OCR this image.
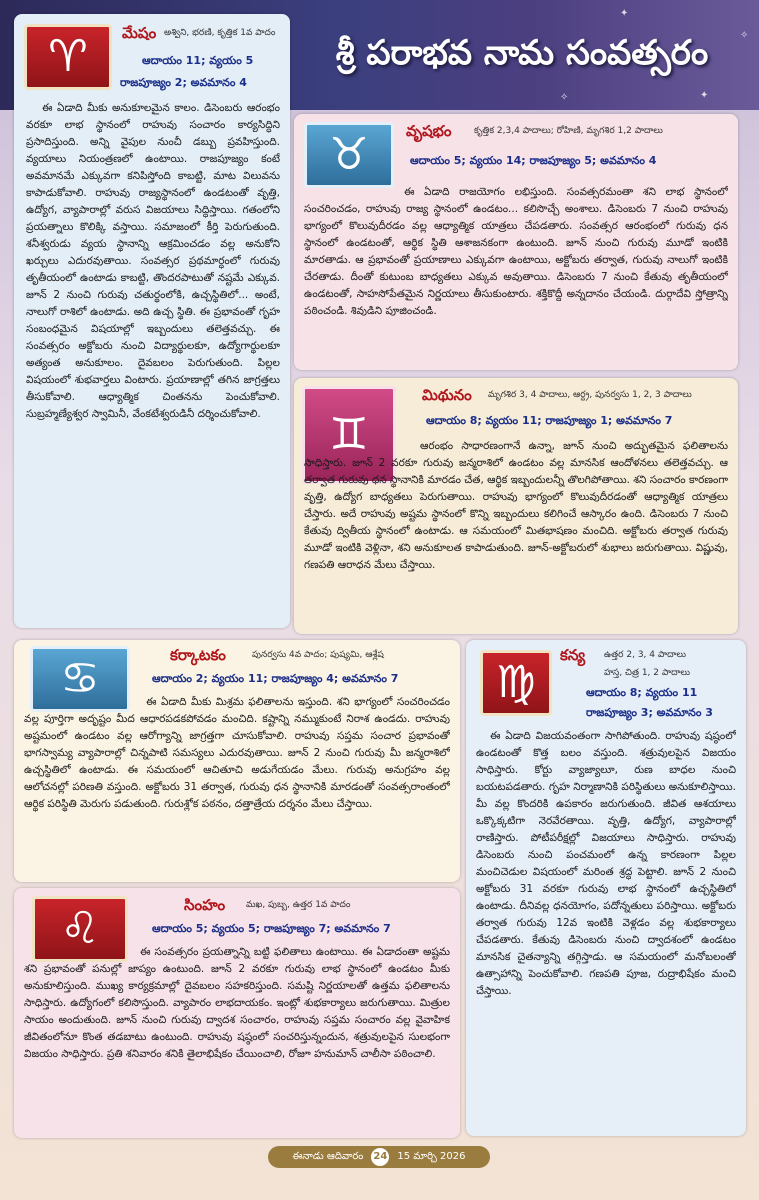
✦
✦
✧
✧
శ్రీ పరాభవ నామ సంవత్సరం
♈	మేషం అశ్విని, భరణి, కృత్తిక 1వ పాదం
ఆదాయం 11; వ్యయం 5
రాజపూజ్యం 2; అవమానం 4
ఈ ఏడాది మీకు అనుకూలమైన కాలం. డిసెంబరు ఆరంభం వరకూ లాభ స్థానంలో రాహువు సంచారం కార్యసిద్ధిని ప్రసాదిస్తుంది. అన్ని వైపుల నుంచీ డబ్బు ప్రవహిస్తుంది. వ్యయాలు నియంత్రణలో ఉంటాయి. రాజపూజ్యం కంటే అవమానమే ఎక్కువగా కనిపిస్తోంది కాబట్టి, మాట విలువను కాపాడుకోవాలి. రాహువు రాజ్యస్థానంలో ఉండటంతో వృత్తి, ఉద్యోగ, వ్యాపారాల్లో వరుస విజయాలు సిద్ధిస్తాయి. గతంలోని ప్రయత్నాలు కొలిక్కి వస్తాయి. సమాజంలో కీర్తి పెరుగుతుంది. శనీశ్వరుడు వ్యయ స్థానాన్ని ఆక్రమించడం వల్ల అనుకోని ఖర్చులు ఎదురవుతాయి. సంవత్సర ప్రథమార్ధంలో గురువు తృతీయంలో ఉంటాడు కాబట్టి, తొందరపాటుతో నష్టమే ఎక్కువ. జూన్ 2 నుంచి గురువు చతుర్థంలోకి, ఉచ్చస్థితిలో... అంటే, నాలుగో రాశిలో ఉంటాడు. అది ఉచ్చ స్థితి. ఈ ప్రభావంతో గృహ సంబంధమైన విషయాల్లో ఇబ్బందులు తలెత్తవచ్చు. ఈ సంవత్సరం అక్టోబరు నుంచి విద్యార్థులకూ, ఉద్యోగార్థులకూ అత్యంత అనుకూలం. దైవబలం పెరుగుతుంది. పిల్లల విషయంలో శుభవార్తలు వింటారు. ప్రయాణాల్లో తగిన జాగ్రత్తలు తీసుకోవాలి. ఆధ్యాత్మిక చింతనను పెంచుకోవాలి. సుబ్రహ్మణ్యేశ్వర స్వామినీ, వేంకటేశ్వరుడినీ దర్శించుకోవాలి.
♉	వృషభం కృత్తిక 2,3,4 పాదాలు; రోహిణి, మృగశిర 1,2 పాదాలు
ఆదాయం 5; వ్యయం 14; రాజపూజ్యం 5; అవమానం 4
ఈ ఏడాది రాజయోగం లభిస్తుంది. సంవత్సరమంతా శని లాభ స్థానంలో సంచరించడం, రాహువు రాజ్య స్థానంలో ఉండటం... కలిసొచ్చే అంశాలు. డిసెంబరు 7 నుంచి రాహువు భాగ్యంలో కొలువుదీరడం వల్ల ఆధ్యాత్మిక యాత్రలు చేపడతారు. సంవత్సర ఆరంభంలో గురువు ధన స్థానంలో ఉండటంతో, ఆర్థిక స్థితి ఆశాజనకంగా ఉంటుంది. జూన్ నుంచి గురువు మూడో ఇంటికి మారతాడు. ఆ ప్రభావంతో ప్రయాణాలు ఎక్కువగా ఉంటాయి, అక్టోబరు తర్వాత, గురువు నాలుగో ఇంటికి చేరతాడు. దీంతో కుటుంబ బాధ్యతలు ఎక్కువ అవుతాయి. డిసెంబరు 7 నుంచి కేతువు తృతీయంలో ఉండటంతో, సాహసోపేతమైన నిర్ణయాలు తీసుకుంటారు. శక్తికొద్దీ అన్నదానం చేయండి. దుర్గాదేవి స్తోత్రాన్ని పఠించండి. శివుడిని పూజించండి.
♊
మిథునం మృగశిర 3, 4 పాదాలు, ఆర్ద్ర, పునర్వసు 1, 2, 3 పాదాలు
ఆదాయం 8; వ్యయం 11; రాజపూజ్యం 1; అవమానం 7
ఆరంభం సాధారణంగానే ఉన్నా, జూన్ నుంచి అద్భుతమైన ఫలితాలను సాధిస్తారు. జూన్ 2 వరకూ గురువు జన్మరాశిలో ఉండటం వల్ల మానసిక ఆందోళనలు తలెత్తవచ్చు. ఆ తర్వాత గురువు ధన స్థానానికి మారడం చేత, ఆర్థిక ఇబ్బందులన్నీ తొలగిపోతాయి. శని సంచారం కారణంగా వృత్తి, ఉద్యోగ బాధ్యతలు పెరుగుతాయి. రాహువు భాగ్యంలో కొలువుదీరడంతో ఆధ్యాత్మిక యాత్రలు చేస్తారు. అదే రాహువు అష్టమ స్థానంలో కొన్ని ఇబ్బందులు కలిగించే ఆస్కారం ఉంది. డిసెంబరు 7 నుంచి కేతువు ద్వితీయ స్థానంలో ఉంటాడు. ఆ సమయంలో మితభాషణం మంచిది. అక్టోబరు తర్వాత గురువు మూడో ఇంటికి వెళ్లినా, శని అనుకూలత కాపాడుతుంది. జూన్-అక్టోబరులో శుభాలు జరుగుతాయి. విష్ణువు, గణపతి ఆరాధన మేలు చేస్తాయి.
♋	కర్కాటకం	పునర్వసు 4వ పాదం; పుష్యమి, ఆశ్లేష
ఆదాయం 2; వ్యయం 11; రాజపూజ్యం 4; అవమానం 7
ఈ ఏడాది మీకు మిశ్రమ ఫలితాలను ఇస్తుంది. శని భాగ్యంలో సంచరించడం వల్ల పూర్తిగా అదృష్టం మీద ఆధారపడకపోవడం మంచిది. కష్టాన్ని నమ్ముకుంటే నిరాశ ఉండదు. రాహువు అష్టమంలో ఉండటం వల్ల ఆరోగ్యాన్ని జాగ్రత్తగా చూసుకోవాలి. రాహువు సప్తమ సంచార ప్రభావంతో భాగస్వామ్య వ్యాపారాల్లో చిన్నపాటి సమస్యలు ఎదురవుతాయి. జూన్ 2 నుంచి గురువు మీ జన్మరాశిలో ఉచ్చస్థితిలో ఉంటాడు. ఈ సమయంలో ఆచితూచి అడుగేయడం మేలు. గురువు అనుగ్రహం వల్ల ఆలోచనల్లో పరిణతి వస్తుంది. అక్టోబరు 31 తర్వాత, గురువు ధన స్థానానికి మారడంతో సంవత్సరాంతంలో ఆర్థిక పరిస్థితి మెరుగు పడుతుంది. గురుశ్లోక పఠనం, దత్తాత్రేయ దర్శనం మేలు చేస్తాయి.
♍
కన్య ఉత్తర 2, 3, 4 పాదాలు
హస్త, చిత్ర 1, 2 పాదాలు
ఆదాయం 8; వ్యయం 11
రాజపూజ్యం 3; అవమానం 3
ఈ ఏడాది విజయవంతంగా సాగిపోతుంది. రాహువు షష్ఠంలో ఉండటంతో కొత్త బలం వస్తుంది. శత్రువులపైన విజయం సాధిస్తారు. కోర్టు వ్యాజ్యాలూ, రుణ బాధల నుంచి బయటపడతారు. గృహ నిర్మాణానికి పరిస్థితులు అనుకూలిస్తాయి. మీ వల్ల కొందరికి ఉపకారం జరుగుతుంది. జీవిత ఆశయాలు ఒక్కొక్కటిగా నెరవేరతాయి. వృత్తి, ఉద్యోగ, వ్యాపారాల్లో రాణిస్తారు. పోటీపరీక్షల్లో విజయాలు సాధిస్తారు. రాహువు డిసెంబరు నుంచి పంచమంలో ఉన్న కారణంగా పిల్లల మంచిచెడుల విషయంలో మరింత శ్రద్ధ పెట్టాలి. జూన్ 2 నుంచి అక్టోబరు 31 వరకూ గురువు లాభ స్థానంలో ఉచ్చస్థితిలో ఉంటాడు. దీనివల్ల ధనయోగం, పదోన్నతులు పరిస్తాయి. అక్టోబరు తర్వాత గురువు 12వ ఇంటికి వెళ్లడం వల్ల శుభకార్యాలు చేపడతారు. కేతువు డిసెంబరు నుంచి ద్వాదశంలో ఉండటం మానసిక చైతన్యాన్ని తగ్గిస్తాడు. ఆ సమయంలో మనోబలంతో ఉత్సాహాన్ని పెంచుకోవాలి. గణపతి పూజ, రుద్రాభిషేకం మంచి చేస్తాయి.
♌	సింహం మఖ, పుబ్బ, ఉత్తర 1వ పాదం
ఆదాయం 5; వ్యయం 5; రాజపూజ్యం 7; అవమానం 7
ఈ సంవత్సరం ప్రయత్నాన్ని బట్టి ఫలితాలు ఉంటాయి. ఈ ఏడాదంతా అష్టమ శని ప్రభావంతో పనుల్లో జాప్యం ఉంటుంది. జూన్ 2 వరకూ గురువు లాభ స్థానంలో ఉండటం మీకు అనుకూలిస్తుంది. ముఖ్య కార్యక్రమాల్లో దైవబలం సహకరిస్తుంది. సమష్టి నిర్ణయాలతో ఉత్తమ ఫలితాలను సాధిస్తారు. ఉద్యోగంలో కలిసొస్తుంది. వ్యాపారం లాభదాయకం. ఇంట్లో శుభకార్యాలు జరుగుతాయి. మిత్రుల సాయం అందుతుంది. జూన్ నుంచి గురువు ద్వాదశ సంచారం, రాహువు సప్తమ సంచారం వల్ల వైవాహిక జీవితంలోనూ కొంత తడబాటు ఉంటుంది. రాహువు షష్ఠంలో సంచరిస్తున్నందున, శత్రువులపైన సులభంగా విజయం సాధిస్తారు. ప్రతి శనివారం శనికి తైలాభిషేకం చేయించాలి, రోజూ హనుమాన్ చాలీసా పఠించాలి.
ఈనాడు ఆదివారం 24 15 మార్చి 2026
